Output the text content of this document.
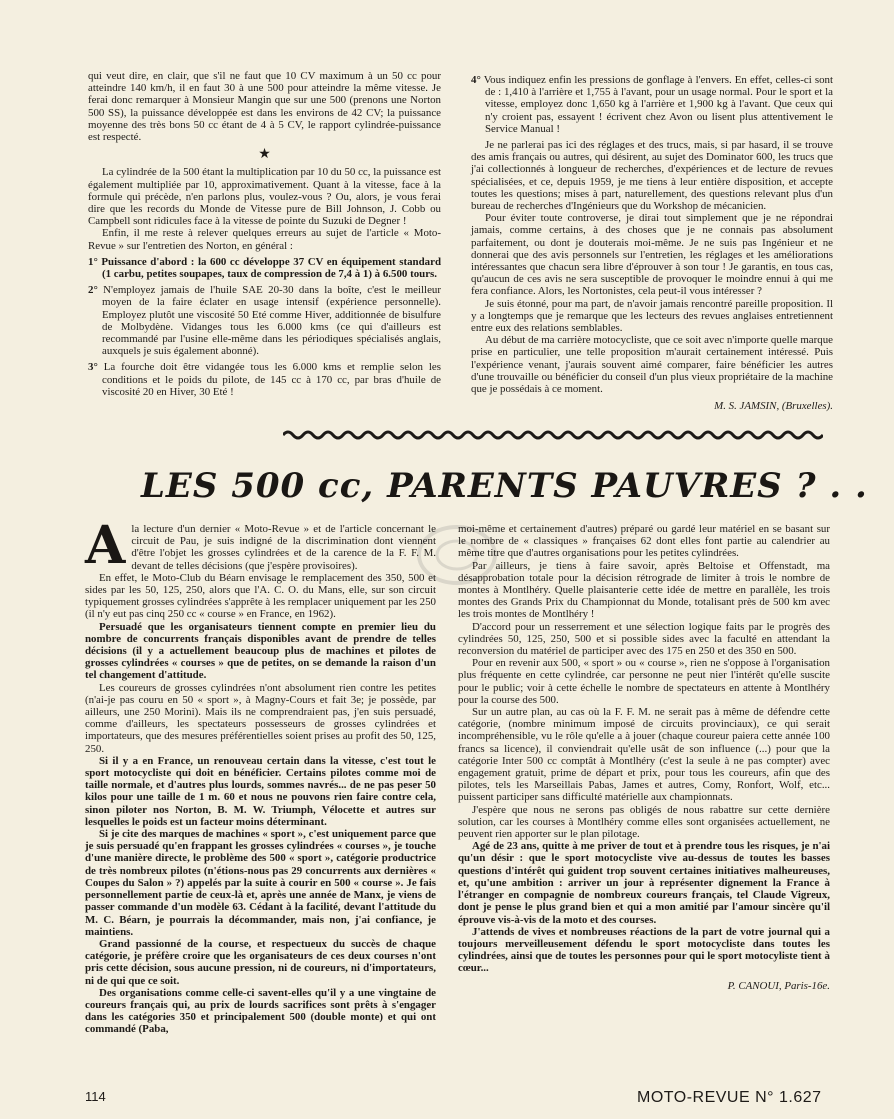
qui veut dire, en clair, que s'il ne faut que 10 CV maximum à un 50 cc pour atteindre 140 km/h, il en faut 30 à une 500 pour atteindre la même vitesse. Je ferai donc remarquer à Monsieur Mangin que sur une 500 (prenons une Norton 500 SS), la puissance développée est dans les environs de 42 CV; la puissance moyenne des très bons 50 cc étant de 4 à 5 CV, le rapport cylindrée-puissance est respecté.

★

La cylindrée de la 500 étant la multiplication par 10 du 50 cc, la puissance est également multipliée par 10, approximativement. Quant à la vitesse, face à la formule qui précède, n'en parlons plus, voulez-vous ? Ou, alors, je vous ferai dire que les records du Monde de Vitesse pure de Bill Johnson, J. Cobb ou Campbell sont ridicules face à la vitesse de pointe du Suzuki de Degner !

Enfin, il me reste à relever quelques erreurs au sujet de l'article « Moto-Revue » sur l'entretien des Norton, en général :

1° Puissance d'abord : la 600 cc développe 37 CV en équipement standard (1 carbu, petites soupapes, taux de compression de 7,4 à 1) à 6.500 tours.
2° N'employez jamais de l'huile SAE 20-30 dans la boîte, c'est le meilleur moyen de la faire éclater en usage intensif (expérience personnelle). Employez plutôt une viscosité 50 Eté comme Hiver, additionnée de bisulfure de Molbydène. Vidanges tous les 6.000 kms (ce qui d'ailleurs est recommandé par l'usine elle-même dans les périodiques spécialisés anglais, auxquels je suis également abonné).
3° La fourche doit être vidangée tous les 6.000 kms et remplie selon les conditions et le poids du pilote, de 145 cc à 170 cc, par bras d'huile de viscosité 20 en Hiver, 30 Eté !
4° Vous indiquez enfin les pressions de gonflage à l'envers. En effet, celles-ci sont de : 1,410 à l'arrière et 1,755 à l'avant, pour un usage normal. Pour le sport et la vitesse, employez donc 1,650 kg à l'arrière et 1,900 kg à l'avant. Que ceux qui n'y croient pas, essayent ! écrivent chez Avon ou lisent plus attentivement le Service Manual !

Je ne parlerai pas ici des réglages et des trucs, mais, si par hasard, il se trouve des amis français ou autres, qui désirent, au sujet des Dominator 600, les trucs que j'ai collectionnés à longueur de recherches, d'expériences et de lecture de revues spécialisées, et ce, depuis 1959, je me tiens à leur entière disposition, et accepte toutes les questions; mises à part, naturellement, des questions relevant plus d'un bureau de recherches d'Ingénieurs que du Workshop de mécanicien.

Pour éviter toute controverse, je dirai tout simplement que je ne répondrai jamais, comme certains, à des choses que je ne connais pas absolument parfaitement, ou dont je douterais moi-même. Je ne suis pas Ingénieur et ne donnerai que des avis personnels sur l'entretien, les réglages et les améliorations intéressantes que chacun sera libre d'éprouver à son tour ! Je garantis, en tous cas, qu'aucun de ces avis ne sera susceptible de provoquer le moindre ennui à qui me fera confiance. Alors, les Nortonistes, cela peut-il vous intéresser ?

Je suis étonné, pour ma part, de n'avoir jamais rencontré pareille proposition. Il y a longtemps que je remarque que les lecteurs des revues anglaises entretiennent entre eux des relations semblables.

Au début de ma carrière motocycliste, que ce soit avec n'importe quelle marque prise en particulier, une telle proposition m'aurait certainement intéressé. Puis l'expérience venant, j'aurais souvent aimé comparer, faire bénéficier les autres d'une trouvaille ou bénéficier du conseil d'un plus vieux propriétaire de la machine que je possédais à ce moment.

M. S. JAMSIN, (Bruxelles).

LES 500 cc, PARENTS PAUVRES ? . .

Ala lecture d'un dernier « Moto-Revue » et de l'article concernant le circuit de Pau, je suis indigné de la discrimination dont viennent d'être l'objet les grosses cylindrées et de la carence de la F. F. M. devant de telles décisions (que j'espère provisoires).

En effet, le Moto-Club du Béarn envisage le remplacement des 350, 500 et sides par les 50, 125, 250, alors que l'A. C. O. du Mans, elle, sur son circuit typiquement grosses cylindrées s'apprête à les remplacer uniquement par les 250 (il n'y eut pas cinq 250 cc « course » en France, en 1962).

Persuadé que les organisateurs tiennent compte en premier lieu du nombre de concurrents français disponibles avant de prendre de telles décisions (il y a actuellement beaucoup plus de machines et pilotes de grosses cylindrées « courses » que de petites, on se demande la raison d'un tel changement d'attitude.

Les coureurs de grosses cylindrées n'ont absolument rien contre les petites (n'ai-je pas couru en 50 « sport », à Magny-Cours et fait 3e; je possède, par ailleurs, une 250 Morini). Mais ils ne comprendraient pas, j'en suis persuadé, comme d'ailleurs, les spectateurs possesseurs de grosses cylindrées et importateurs, que des mesures préférentielles soient prises au profit des 50, 125, 250.

Si il y a en France, un renouveau certain dans la vitesse, c'est tout le sport motocycliste qui doit en bénéficier. Certains pilotes comme moi de taille normale, et d'autres plus lourds, sommes navrés... de ne pas peser 50 kilos pour une taille de 1 m. 60 et nous ne pouvons rien faire contre cela, sinon piloter nos Norton, B. M. W. Triumph, Vélocette et autres sur lesquelles le poids est un facteur moins déterminant.

Si je cite des marques de machines « sport », c'est uniquement parce que je suis persuadé qu'en frappant les grosses cylindrées « courses », je touche d'une manière directe, le problème des 500 « sport », catégorie productrice de très nombreux pilotes (n'étions-nous pas 29 concurrents aux dernières « Coupes du Salon » ?) appelés par la suite à courir en 500 « course ». Je fais personnellement partie de ceux-là et, après une année de Manx, je viens de passer commande d'un modèle 63. Cédant à la facilité, devant l'attitude du M. C. Béarn, je pourrais la décommander, mais non, j'ai confiance, je maintiens.

Grand passionné de la course, et respectueux du succès de chaque catégorie, je préfère croire que les organisateurs de ces deux courses n'ont pris cette décision, sous aucune pression, ni de coureurs, ni d'importateurs, ni de qui que ce soit.

Des organisations comme celle-ci savent-elles qu'il y a une vingtaine de coureurs français qui, au prix de lourds sacrifices sont prêts à s'engager dans les catégories 350 et principalement 500 (double monte) et qui ont commandé (Paba,

moi-même et certainement d'autres) préparé ou gardé leur matériel en se basant sur le nombre de « classiques » françaises 62 dont elles font partie au calendrier au même titre que d'autres organisations pour les petites cylindrées.

Par ailleurs, je tiens à faire savoir, après Beltoise et Offenstadt, ma désapprobation totale pour la décision rétrograde de limiter à trois le nombre de montes à Montlhéry. Quelle plaisanterie cette idée de mettre en parallèle, les trois montes des Grands Prix du Championnat du Monde, totalisant près de 500 km avec les trois montes de Montlhéry !

D'accord pour un resserrement et une sélection logique faits par le progrès des cylindrées 50, 125, 250, 500 et si possible sides avec la faculté en attendant la reconversion du matériel de participer avec des 175 en 250 et des 350 en 500.

Pour en revenir aux 500, « sport » ou « course », rien ne s'oppose à l'organisation plus fréquente en cette cylindrée, car personne ne peut nier l'intérêt qu'elle suscite pour le public; voir à cette échelle le nombre de spectateurs en attente à Montlhéry pour la course des 500.

Sur un autre plan, au cas où la F. F. M. ne serait pas à même de défendre cette catégorie, (nombre minimum imposé de circuits provinciaux), ce qui serait incompréhensible, vu le rôle qu'elle a à jouer (chaque coureur paiera cette année 100 francs sa licence), il conviendrait qu'elle usât de son influence (...) pour que la catégorie Inter 500 cc comptât à Montlhéry (c'est la seule à ne pas compter) avec engagement gratuit, prime de départ et prix, pour tous les coureurs, afin que des pilotes, tels les Marseillais Pabas, James et autres, Comy, Ronfort, Wolf, etc... puissent participer sans difficulté matérielle aux championnats.

J'espère que nous ne serons pas obligés de nous rabattre sur cette dernière solution, car les courses à Montlhéry comme elles sont organisées actuellement, ne peuvent rien apporter sur le plan pilotage.

Agé de 23 ans, quitte à me priver de tout et à prendre tous les risques, je n'ai qu'un désir : que le sport motocycliste vive au-dessus de toutes les basses questions d'intérêt qui guident trop souvent certaines initiatives malheureuses, et, qu'une ambition : arriver un jour à représenter dignement la France à l'étranger en compagnie de nombreux coureurs français, tel Claude Vigreux, dont je pense le plus grand bien et qui a mon amitié par l'amour sincère qu'il éprouve vis-à-vis de la moto et des courses.

J'attends de vives et nombreuses réactions de la part de votre journal qui a toujours merveilleusement défendu le sport motocycliste dans toutes les cylindrées, ainsi que de toutes les personnes pour qui le sport motocyliste tient à cœur...

P. CANOUI, Paris-16e.

114	MOTO-REVUE N° 1.627
